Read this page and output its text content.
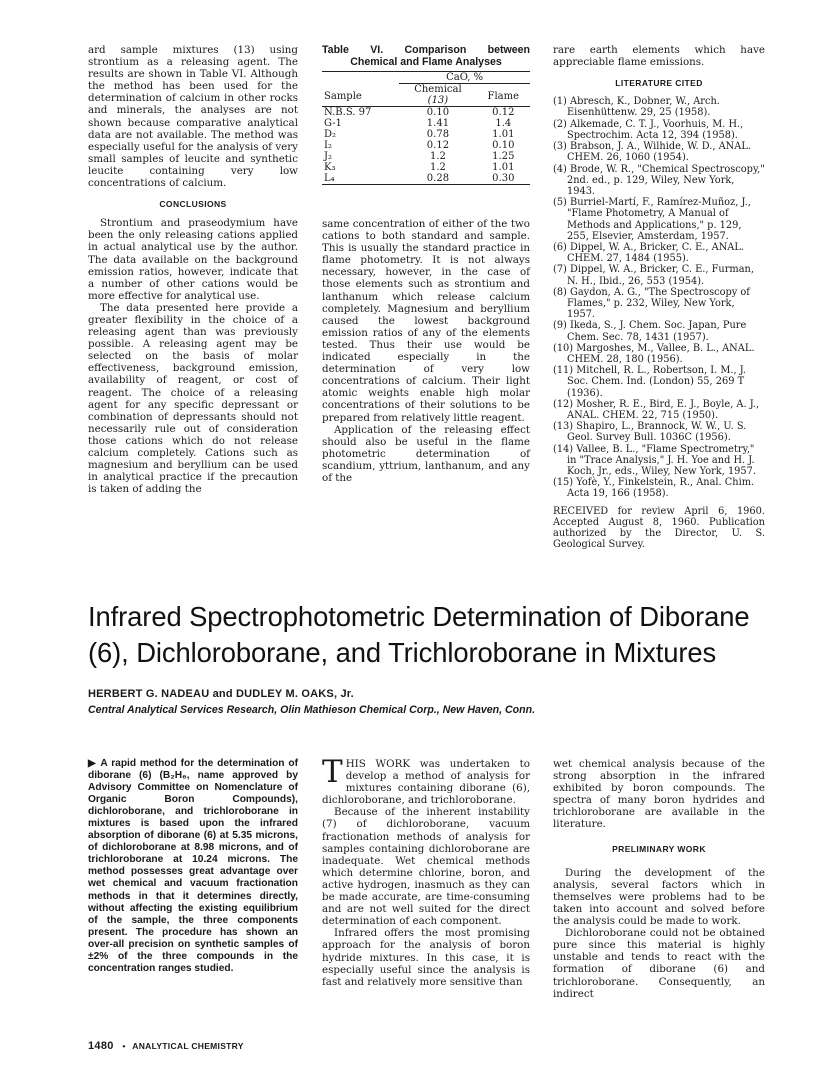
ard sample mixtures (13) using strontium as a releasing agent. The results are shown in Table VI. Although the method has been used for the determination of calcium in other rocks and minerals, the analyses are not shown because comparative analytical data are not available. The method was especially useful for the analysis of very small samples of leucite and synthetic leucite containing very low concentrations of calcium.

CONCLUSIONS

Strontium and praseodymium have been the only releasing cations applied in actual analytical use by the author. The data available on the background emission ratios, however, indicate that a number of other cations would be more effective for analytical use.

The data presented here provide a greater flexibility in the choice of a releasing agent than was previously possible. A releasing agent may be selected on the basis of molar effectiveness, background emission, availability of reagent, or cost of reagent. The choice of a releasing agent for any specific depressant or combination of depressants should not necessarily rule out of consideration those cations which do not release calcium completely. Cations such as magnesium and beryllium can be used in analytical practice if the precaution is taken of adding the

Table VI. Comparison between
Chemical and Flame Analyses

	CaO, %	
Sample	Chemical
(13)	Flame

N.B.S. 97	0.10	0.12
G-1	1.41	1.4
D₂	0.78	1.01
I₂	0.12	0.10
J₂	1.2	1.25
K₃	1.2	1.01
L₄	0.28	0.30

same concentration of either of the two cations to both standard and sample. This is usually the standard practice in flame photometry. It is not always necessary, however, in the case of those elements such as strontium and lanthanum which release calcium completely. Magnesium and beryllium caused the lowest background emission ratios of any of the elements tested. Thus their use would be indicated especially in the determination of very low concentrations of calcium. Their light atomic weights enable high molar concentrations of their solutions to be prepared from relatively little reagent.

Application of the releasing effect should also be useful in the flame photometric determination of scandium, yttrium, lanthanum, and any of the

rare earth elements which have appreciable flame emissions.

LITERATURE CITED
(1) Abresch, K., Dobner, W., Arch. Eisenhüttenw. 29, 25 (1958).
(2) Alkemade, C. T. J., Voorhuis, M. H., Spectrochim. Acta 12, 394 (1958).
(3) Brabson, J. A., Wilhide, W. D., ANAL. CHEM. 26, 1060 (1954).
(4) Brode, W. R., "Chemical Spectroscopy," 2nd. ed., p. 129, Wiley, New York, 1943.
(5) Burriel-Martí, F., Ramírez-Muñoz, J., "Flame Photometry, A Manual of Methods and Applications," p. 129, 255, Elsevier, Amsterdam, 1957.
(6) Dippel, W. A., Bricker, C. E., ANAL. CHEM. 27, 1484 (1955).
(7) Dippel, W. A., Bricker, C. E., Furman, N. H., Ibid., 26, 553 (1954).
(8) Gaydon, A. G., "The Spectroscopy of Flames," p. 232, Wiley, New York, 1957.
(9) Ikeda, S., J. Chem. Soc. Japan, Pure Chem. Sec. 78, 1431 (1957).
(10) Margoshes, M., Vallee, B. L., ANAL. CHEM. 28, 180 (1956).
(11) Mitchell, R. L., Robertson, I. M., J. Soc. Chem. Ind. (London) 55, 269 T (1936).
(12) Mosher, R. E., Bird, E. J., Boyle, A. J., ANAL. CHEM. 22, 715 (1950).
(13) Shapiro, L., Brannock, W. W., U. S. Geol. Survey Bull. 1036C (1956).
(14) Vallee, B. L., "Flame Spectrometry," in "Trace Analysis," J. H. Yoe and H. J. Koch, Jr., eds., Wiley, New York, 1957.
(15) Yofè, Y., Finkelstein, R., Anal. Chim. Acta 19, 166 (1958).

RECEIVED for review April 6, 1960. Accepted August 8, 1960. Publication authorized by the Director, U. S. Geological Survey.

Infrared Spectrophotometric Determination of Diborane
(6), Dichloroborane, and Trichloroborane in Mixtures
HERBERT G. NADEAU and DUDLEY M. OAKS, Jr.
Central Analytical Services Research, Olin Mathieson Chemical Corp., New Haven, Conn.
▶ A rapid method for the determination of diborane (6) (B₂H₆, name approved by Advisory Committee on Nomenclature of Organic Boron Compounds), dichloroborane, and trichloroborane in mixtures is based upon the infrared absorption of diborane (6) at 5.35 microns, of dichloroborane at 8.98 microns, and of trichloroborane at 10.24 microns. The method possesses great advantage over wet chemical and vacuum fractionation methods in that it determines directly, without affecting the existing equilibrium of the sample, the three components present. The procedure has shown an over-all precision on synthetic samples of ±2% of the three compounds in the concentration ranges studied.

THIS WORK was undertaken to develop a method of analysis for mixtures containing diborane (6), dichloroborane, and trichloroborane.

Because of the inherent instability (7) of dichloroborane, vacuum fractionation methods of analysis for samples containing dichloroborane are inadequate. Wet chemical methods which determine chlorine, boron, and active hydrogen, inasmuch as they can be made accurate, are time-consuming and are not well suited for the direct determination of each component.

Infrared offers the most promising approach for the analysis of boron hydride mixtures. In this case, it is especially useful since the analysis is fast and relatively more sensitive than

wet chemical analysis because of the strong absorption in the infrared exhibited by boron compounds. The spectra of many boron hydrides and trichloroborane are available in the literature.

PRELIMINARY WORK

During the development of the analysis, several factors which in themselves were problems had to be taken into account and solved before the analysis could be made to work.

Dichloroborane could not be obtained pure since this material is highly unstable and tends to react with the formation of diborane (6) and trichloroborane. Consequently, an indirect

1480 • ANALYTICAL CHEMISTRY
